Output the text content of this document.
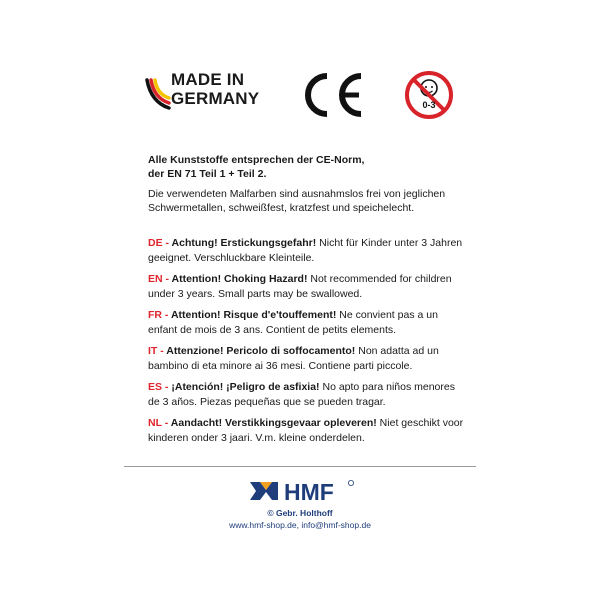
MADE IN
GERMANY	0-3
Alle Kunststoffe entsprechen der CE-Norm,
der EN 71 Teil 1 + Teil 2.
Die verwendeten Malfarben sind ausnahmslos frei von jeglichen Schwermetallen, schweißfest, kratzfest und speichelecht.
DE - Achtung! Erstickungsgefahr! Nicht für Kinder unter 3 Jahren geeignet. Verschluckbare Kleinteile.
EN - Attention! Choking Hazard! Not recommended for children under 3 years. Small parts may be swallowed.
FR - Attention! Risque d'e'touffement! Ne convient pas a un enfant de mois de 3 ans. Contient de petits elements.
IT - Attenzione! Pericolo di soffocamento! Non adatta ad un bambino di eta minore ai 36 mesi. Contiene parti piccole.
ES - ¡Atención! ¡Peligro de asfixia! No apto para niños menores de 3 años. Piezas pequeñas que se pueden tragar.
NL - Aandacht! Verstikkingsgevaar opleveren! Niet geschikt voor kinderen onder 3 jaari. V.m. kleine onderdelen.
HMF
© Gebr. Holthoff
www.hmf-shop.de, info@hmf-shop.de
